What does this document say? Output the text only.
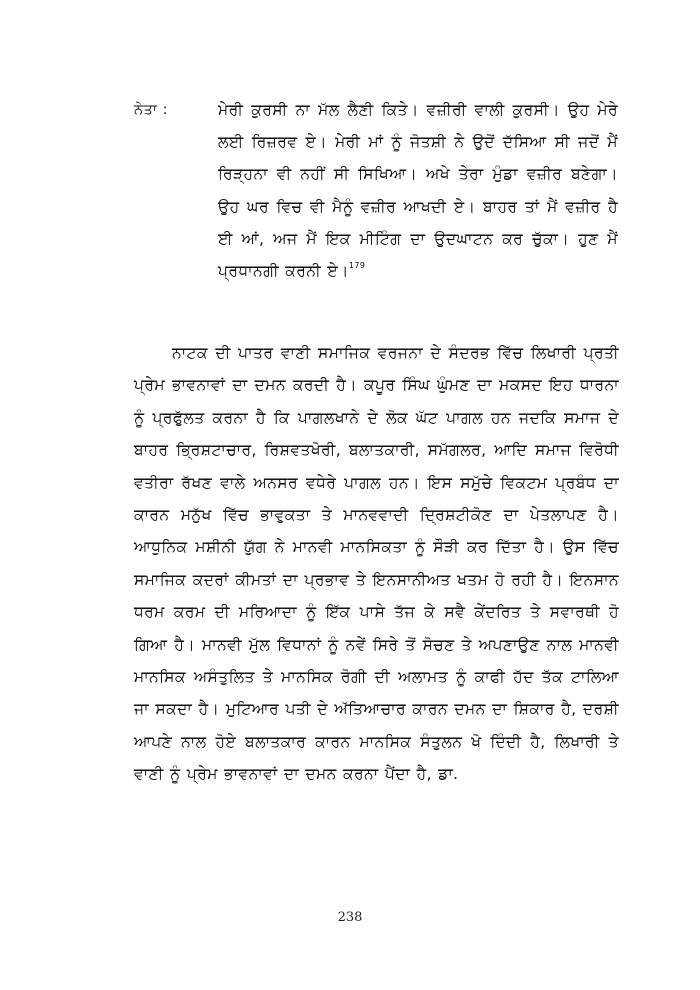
ਨੇਤਾ :	ਮੇਰੀ ਕੁਰਸੀ ਨਾ ਮੱਲ ਲੈਣੀ ਕਿਤੇ। ਵਜ਼ੀਰੀ ਵਾਲੀ ਕੁਰਸੀ। ਉਹ ਮੇਰੇ ਲਈ ਰਿਜ਼ਰਵ ਏ। ਮੇਰੀ ਮਾਂ ਨੂੰ ਜੋਤਸ਼ੀ ਨੇ ਉਦੋਂ ਦੱਸਿਆ ਸੀ ਜਦੋਂ ਮੈਂ ਰਿੜ੍ਹਨਾ ਵੀ ਨਹੀਂ ਸੀ ਸਿਖਿਆ। ਅਖੇ ਤੇਰਾ ਮੁੰਡਾ ਵਜ਼ੀਰ ਬਣੇਗਾ। ਉਹ ਘਰ ਵਿਚ ਵੀ ਮੈਨੂੰ ਵਜ਼ੀਰ ਆਖਦੀ ਏ। ਬਾਹਰ ਤਾਂ ਮੈਂ ਵਜ਼ੀਰ ਹੈ ਈ ਆਂ, ਅਜ ਮੈਂ ਇਕ ਮੀਟਿੰਗ ਦਾ ਉਦਘਾਟਨ ਕਰ ਚੁੱਕਾ। ਹੁਣ ਮੈਂ ਪ੍ਰਧਾਨਗੀ ਕਰਨੀ ਏ।$^{179}$
ਨਾਟਕ ਦੀ ਪਾਤਰ ਵਾਣੀ ਸਮਾਜਿਕ ਵਰਜਨਾ ਦੇ ਸੰਦਰਭ ਵਿੱਚ ਲਿਖਾਰੀ ਪ੍ਰਤੀ ਪ੍ਰੇਮ ਭਾਵਨਾਵਾਂ ਦਾ ਦਮਨ ਕਰਦੀ ਹੈ। ਕਪੂਰ ਸਿੰਘ ਘੁੰਮਣ ਦਾ ਮਕਸਦ ਇਹ ਧਾਰਨਾ ਨੂੰ ਪ੍ਰਫੁੱਲਤ ਕਰਨਾ ਹੈ ਕਿ ਪਾਗਲਖਾਨੇ ਦੇ ਲੋਕ ਘੱਟ ਪਾਗਲ ਹਨ ਜਦਕਿ ਸਮਾਜ ਦੇ ਬਾਹਰ ਭ੍ਰਿਸ਼ਟਾਚਾਰ, ਰਿਸ਼ਵਤਖੋਰੀ, ਬਲਾਤਕਾਰੀ, ਸਮੱਗਲਰ, ਆਦਿ ਸਮਾਜ ਵਿਰੋਧੀ ਵਤੀਰਾ ਰੱਖਣ ਵਾਲੇ ਅਨਸਰ ਵਧੇਰੇ ਪਾਗਲ ਹਨ। ਇਸ ਸਮੁੱਚੇ ਵਿਕਟਮ ਪ੍ਰਬੰਧ ਦਾ ਕਾਰਨ ਮਨੁੱਖ ਵਿੱਚ ਭਾਵੁਕਤਾ ਤੇ ਮਾਨਵਵਾਦੀ ਦ੍ਰਿਸ਼ਟੀਕੋਣ ਦਾ ਪੇਤਲਾਪਣ ਹੈ। ਆਧੁਨਿਕ ਮਸ਼ੀਨੀ ਯੁੱਗ ਨੇ ਮਾਨਵੀ ਮਾਨਸਿਕਤਾ ਨੂੰ ਸੌੜੀ ਕਰ ਦਿੱਤਾ ਹੈ। ਉਸ ਵਿੱਚ ਸਮਾਜਿਕ ਕਦਰਾਂ ਕੀਮਤਾਂ ਦਾ ਪ੍ਰਭਾਵ ਤੇ ਇਨਸਾਨੀਅਤ ਖਤਮ ਹੋ ਰਹੀ ਹੈ। ਇਨਸਾਨ ਧਰਮ ਕਰਮ ਦੀ ਮਰਿਆਦਾ ਨੂੰ ਇੱਕ ਪਾਸੇ ਤੱਜ ਕੇ ਸਵੈ ਕੇਂਦਰਿਤ ਤੇ ਸਵਾਰਥੀ ਹੋ ਗਿਆ ਹੈ। ਮਾਨਵੀ ਮੁੱਲ ਵਿਧਾਨਾਂ ਨੂੰ ਨਵੇਂ ਸਿਰੇ ਤੋਂ ਸੋਚਣ ਤੇ ਅਪਣਾਉਣ ਨਾਲ ਮਾਨਵੀ ਮਾਨਸਿਕ ਅਸੰਤੁਲਿਤ ਤੇ ਮਾਨਸਿਕ ਰੋਗੀ ਦੀ ਅਲਾਮਤ ਨੂੰ ਕਾਫੀ ਹੱਦ ਤੱਕ ਟਾਲਿਆ ਜਾ ਸਕਦਾ ਹੈ। ਮੁਟਿਆਰ ਪਤੀ ਦੇ ਅੱਤਿਆਚਾਰ ਕਾਰਨ ਦਮਨ ਦਾ ਸ਼ਿਕਾਰ ਹੈ, ਦਰਸ਼ੀ ਆਪਣੇ ਨਾਲ ਹੋਏ ਬਲਾਤਕਾਰ ਕਾਰਨ ਮਾਨਸਿਕ ਸੰਤੁਲਨ ਖੋ ਦਿੰਦੀ ਹੈ, ਲਿਖਾਰੀ ਤੇ ਵਾਣੀ ਨੂੰ ਪ੍ਰੇਮ ਭਾਵਨਾਵਾਂ ਦਾ ਦਮਨ ਕਰਨਾ ਪੈਂਦਾ ਹੈ, ਡਾ.
238
